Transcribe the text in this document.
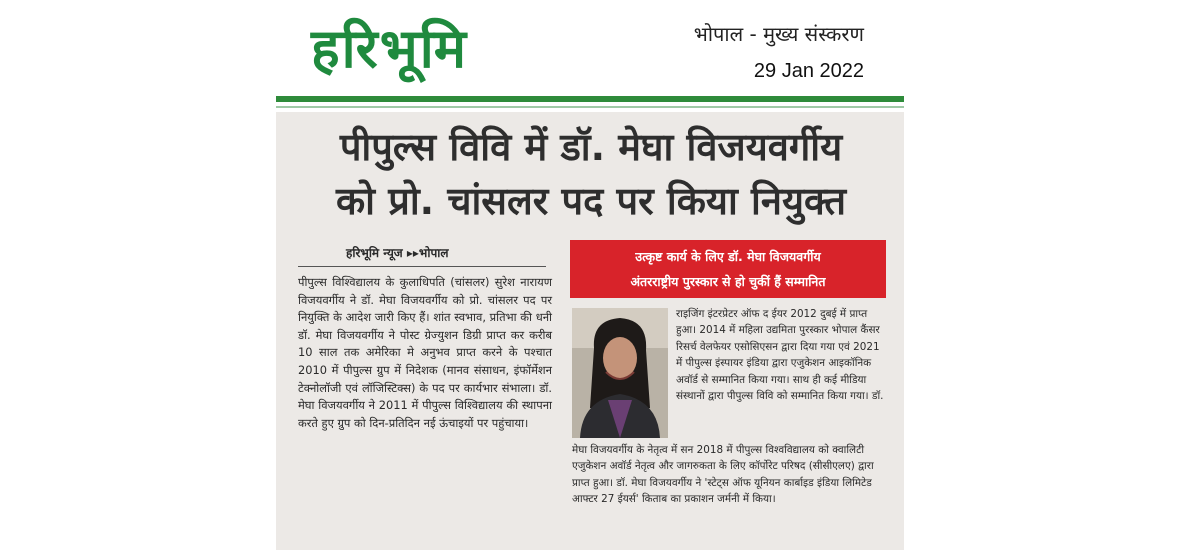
हरिभूमि	भोपाल - मुख्य संस्करण
29 Jan 2022
पीपुल्स विवि में डॉ. मेघा विजयवर्गीय
को प्रो. चांसलर पद पर किया नियुक्त
हरिभूमि न्यूज ▸▸भोपाल
पीपुल्स विश्विद्यालय के कुलाधिपति (चांसलर) सुरेश नारायण विजयवर्गीय ने डॉ. मेघा विजयवर्गीय को प्रो. चांसलर पद पर नियुक्ति के आदेश जारी किए हैं। शांत स्वभाव, प्रतिभा की धनी डॉ. मेघा विजयवर्गीय ने पोस्ट ग्रेज्युशन डिग्री प्राप्त कर करीब 10 साल तक अमेरिका मे अनुभव प्राप्त करने के पश्चात 2010 में पीपुल्स ग्रुप में निदेशक (मानव संसाधन, इंफॉर्मेशन टेक्नोलॉजी एवं लॉजिस्टिक्स) के पद पर कार्यभार संभाला। डॉ. मेघा विजयवर्गीय ने 2011 में पीपुल्स विश्विद्यालय की स्थापना करते हुए ग्रुप को दिन-प्रतिदिन नई ऊंचाइयों पर पहुंचाया।
उत्कृष्ट कार्य के लिए डॉ. मेघा विजयवर्गीय
अंतरराष्ट्रीय पुरस्कार से हो चुकीं हैं सम्मानित
राइजिंग इंटरप्रेटर ऑफ द ईयर 2012 दुबई में प्राप्त हुआ। 2014 में महिला उद्यमिता पुरस्कार भोपाल कैंसर रिसर्च वेलफेयर एसोसिएसन द्वारा दिया गया एवं 2021 में पीपुल्स इंस्पायर इंडिया द्वारा एजुकेशन आइकॉनिक अवॉर्ड से सम्मानित किया गया। साथ ही कई मीडिया संस्थानों द्वारा पीपुल्स विवि को सम्मानित किया गया। डॉ.
मेघा विजयवर्गीय के नेतृत्व में सन 2018 में पीपुल्स विश्वविद्यालय को क्वालिटी एजुकेशन अवॉर्ड नेतृत्व और जागरुकता के लिए कॉर्पोरेट परिषद (सीसीएलए) द्वारा प्राप्त हुआ। डॉ. मेघा विजयवर्गीय ने 'स्टेट्स ऑफ यूनियन कार्बाइड इंडिया लिमिटेड आफ्टर 27 ईयर्स' किताब का प्रकाशन जर्मनी में किया।
